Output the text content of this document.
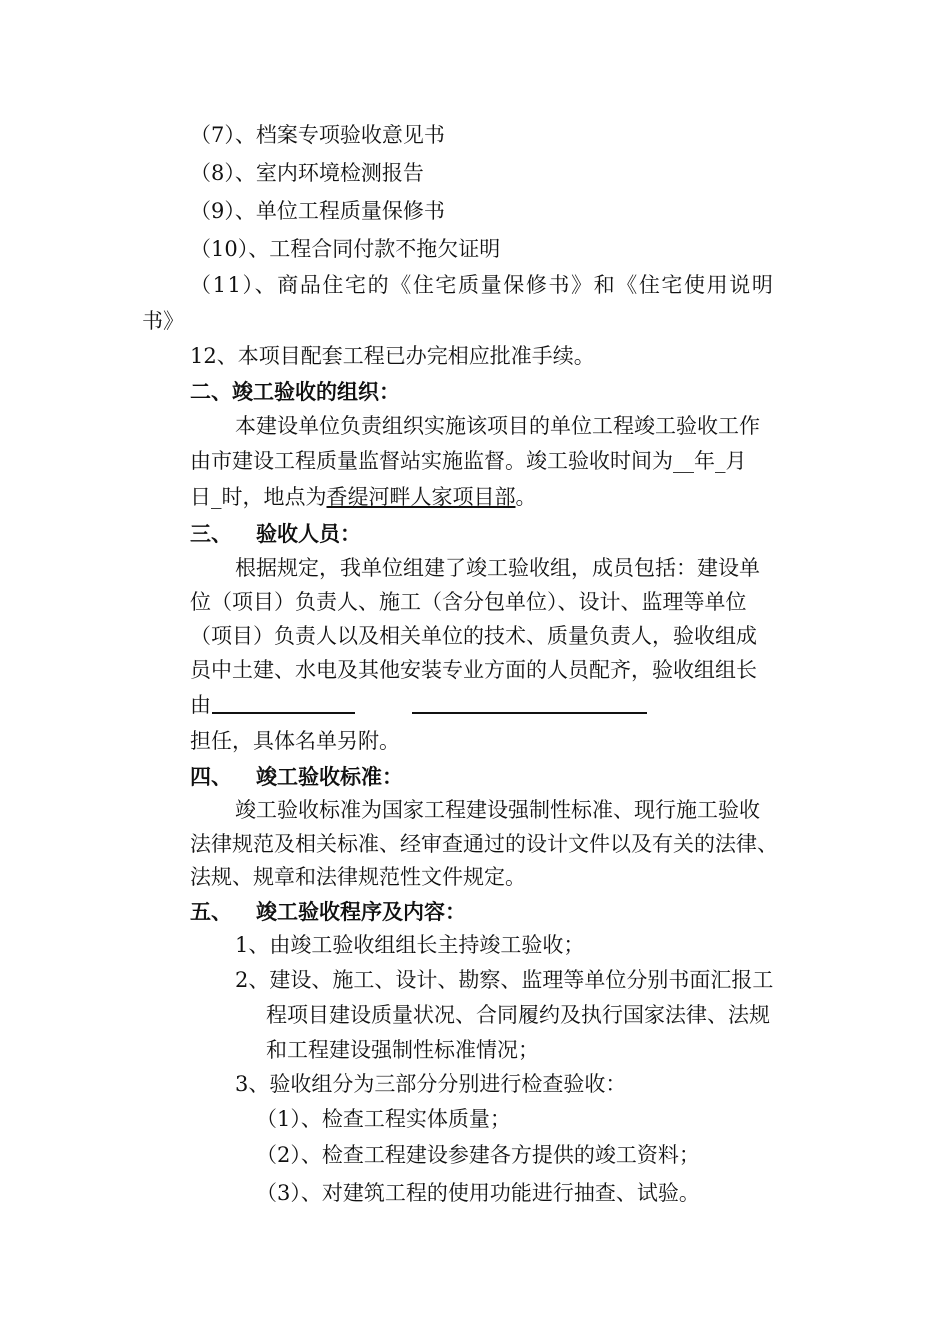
（7）、档案专项验收意见书
（8）、室内环境检测报告
（9）、单位工程质量保修书
（10）、工程合同付款不拖欠证明
（11）、商品住宅的《住宅质量保修书》和《住宅使用说明
书》
12、本项目配套工程已办完相应批准手续。
二、竣工验收的组织：
本建设单位负责组织实施该项目的单位工程竣工验收工作
由市建设工程质量监督站实施监督。竣工验收时间为__年_月
日_时，地点为香缇河畔人家项目部。
三、 验收人员：
根据规定，我单位组建了竣工验收组，成员包括：建设单
位（项目）负责人、施工（含分包单位）、设计、监理等单位
（项目）负责人以及相关单位的技术、质量负责人，验收组成
员中土建、水电及其他安装专业方面的人员配齐，验收组组长
由
担任，具体名单另附。
四、 竣工验收标准：
竣工验收标准为国家工程建设强制性标准、现行施工验收
法律规范及相关标准、经审查通过的设计文件以及有关的法律、
法规、规章和法律规范性文件规定。
五、 竣工验收程序及内容：
1、由竣工验收组组长主持竣工验收；
2、建设、施工、设计、勘察、监理等单位分别书面汇报工
程项目建设质量状况、合同履约及执行国家法律、法规
和工程建设强制性标准情况；
3、验收组分为三部分分别进行检查验收：
（1）、检查工程实体质量；
（2）、检查工程建设参建各方提供的竣工资料；
（3）、对建筑工程的使用功能进行抽查、试验。
